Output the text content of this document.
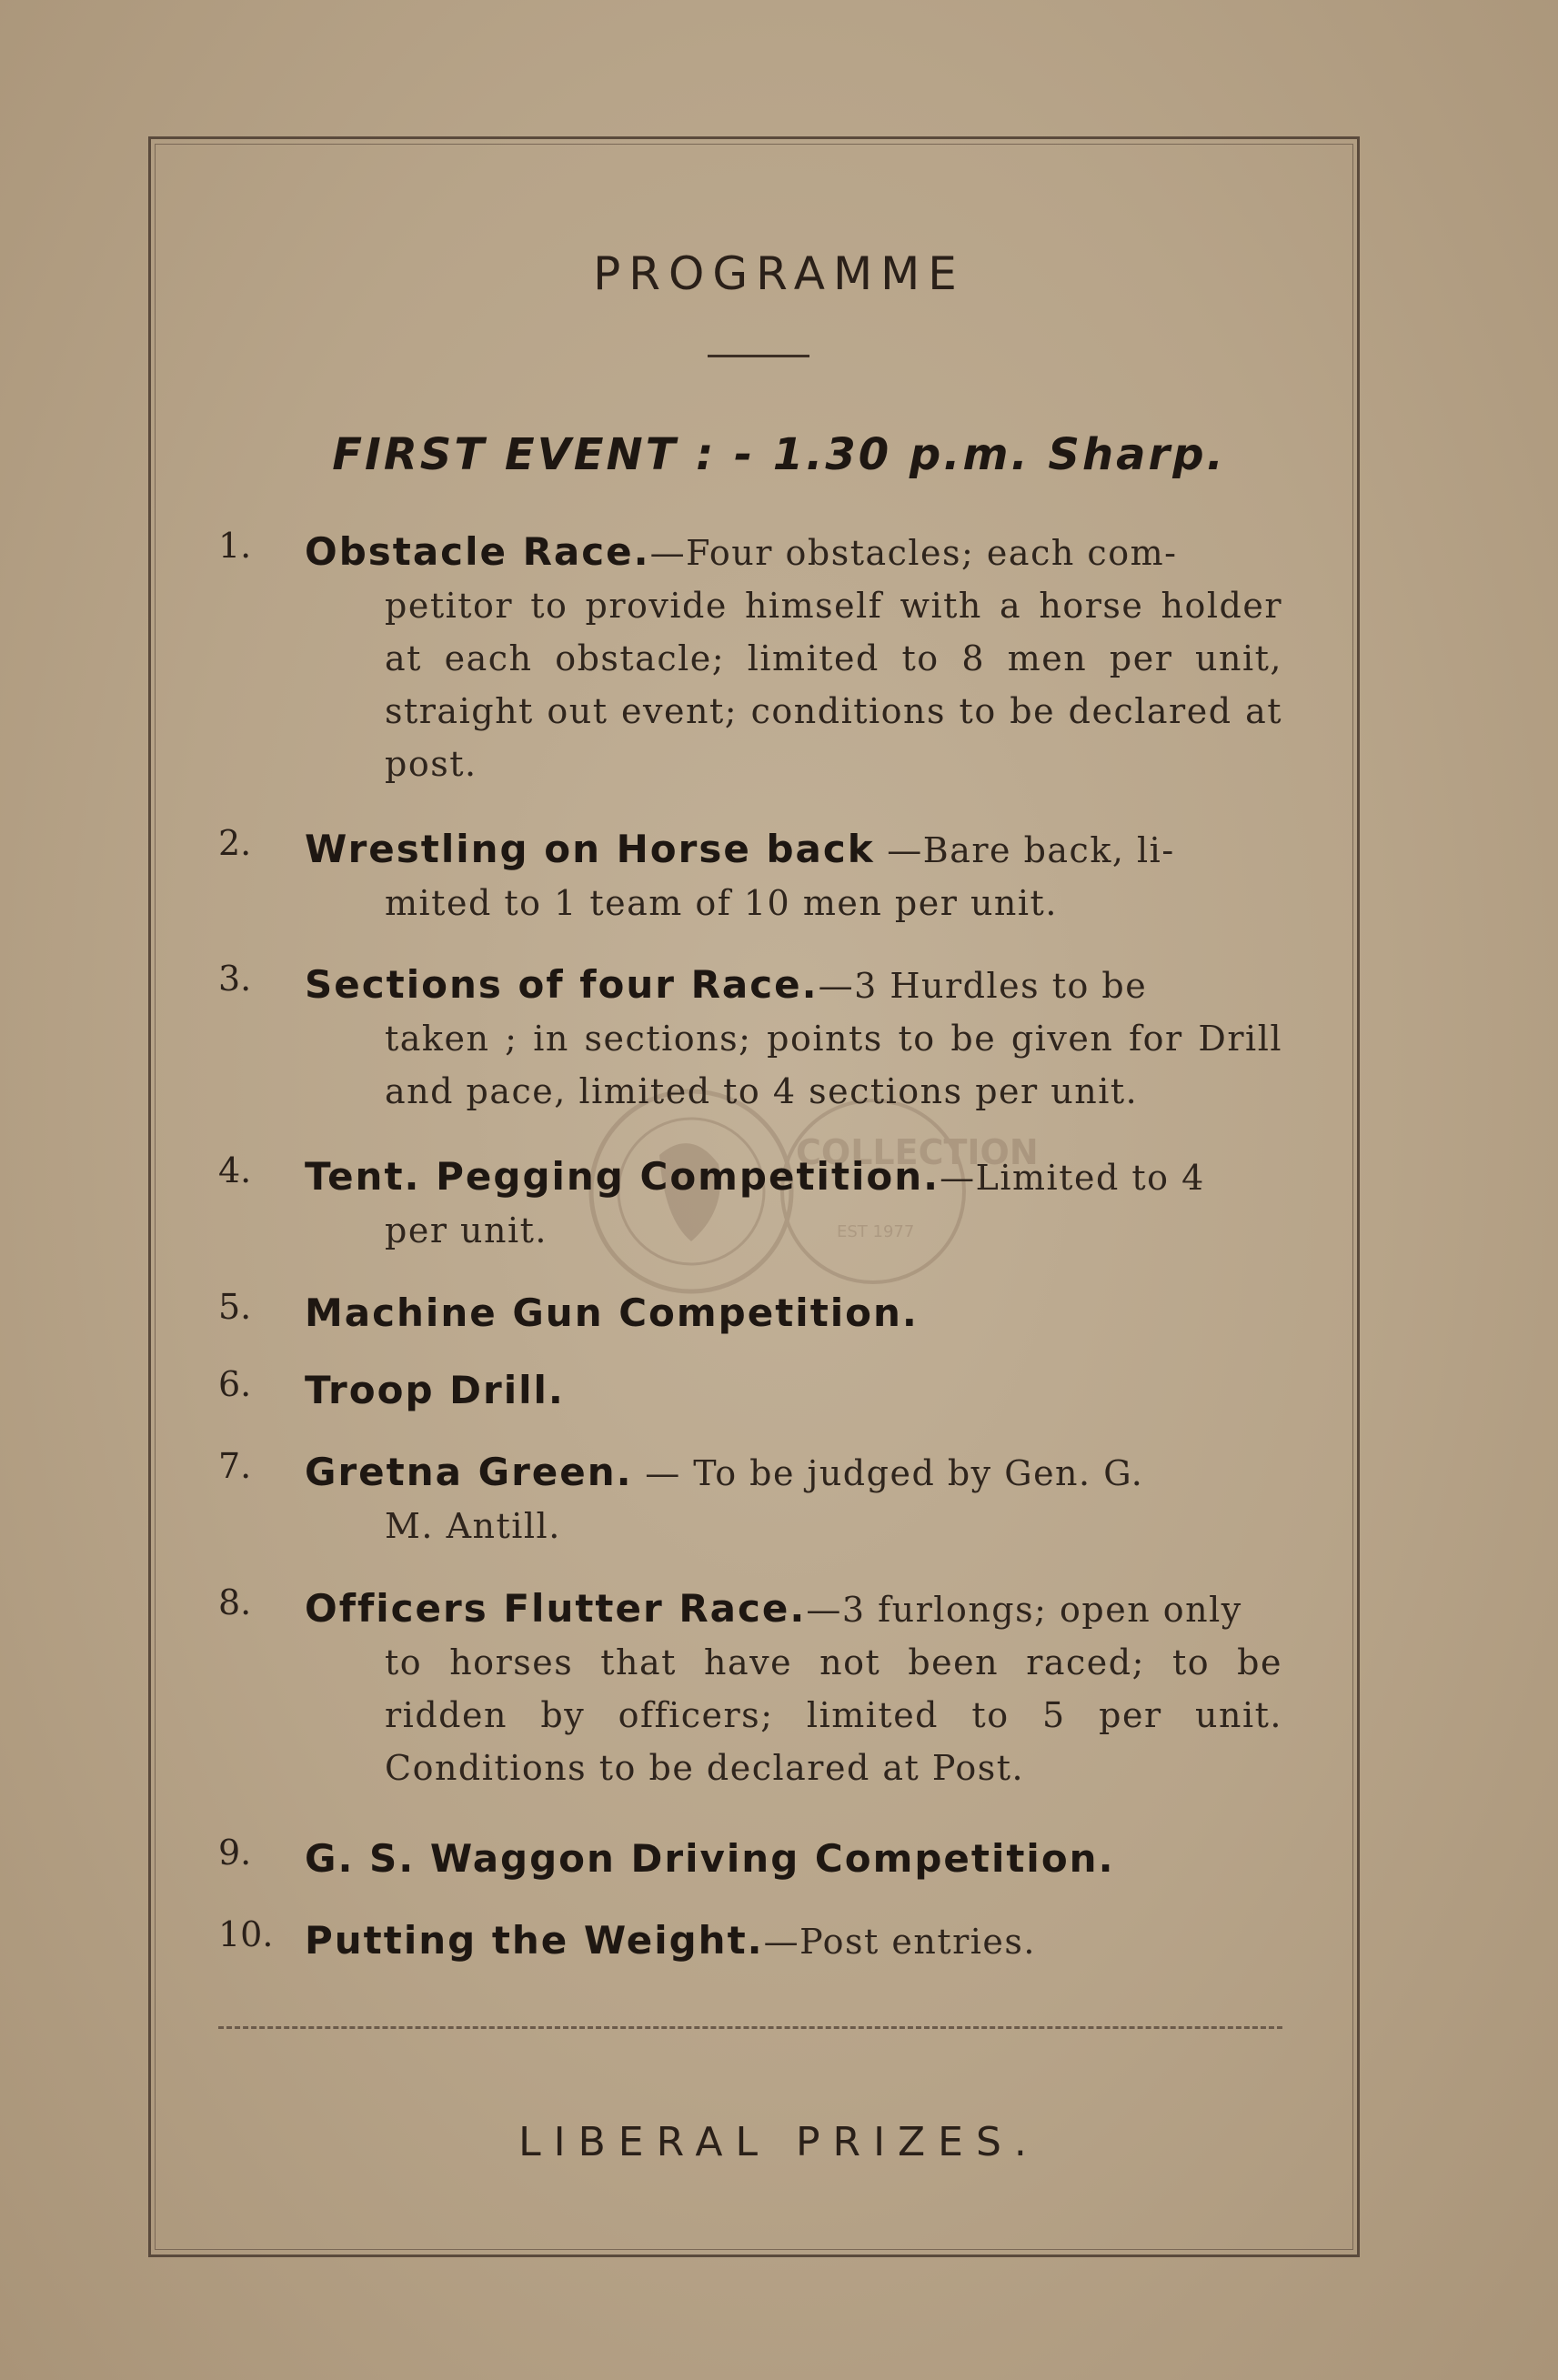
COLLECTION
EST 1977
PROGRAMME
FIRST EVENT : - 1.30 p.m. Sharp.
1.	Obstacle Race.—Four obstacles; each com-
petitor to provide himself with a horse holder at each obstacle; limited to 8 men per unit, straight out event; conditions to be declared at post.
2.	Wrestling on Horse back —Bare back, li-
mited to 1 team of 10 men per unit.
3.	Sections of four Race.—3 Hurdles to be
taken ; in sections; points to be given for Drill and pace, limited to 4 sections per unit.
4.	Tent. Pegging Competition.—Limited to 4
per unit.
5.	Machine Gun Competition.
6.	Troop Drill.
7.	Gretna Green. — To be judged by Gen. G.
M. Antill.
8.	Officers Flutter Race.—3 furlongs; open only
to horses that have not been raced; to be ridden by officers; limited to 5 per unit. Conditions to be declared at Post.
9.	G. S. Waggon Driving Competition.
10. Putting the Weight.—Post entries.
LIBERAL PRIZES.
